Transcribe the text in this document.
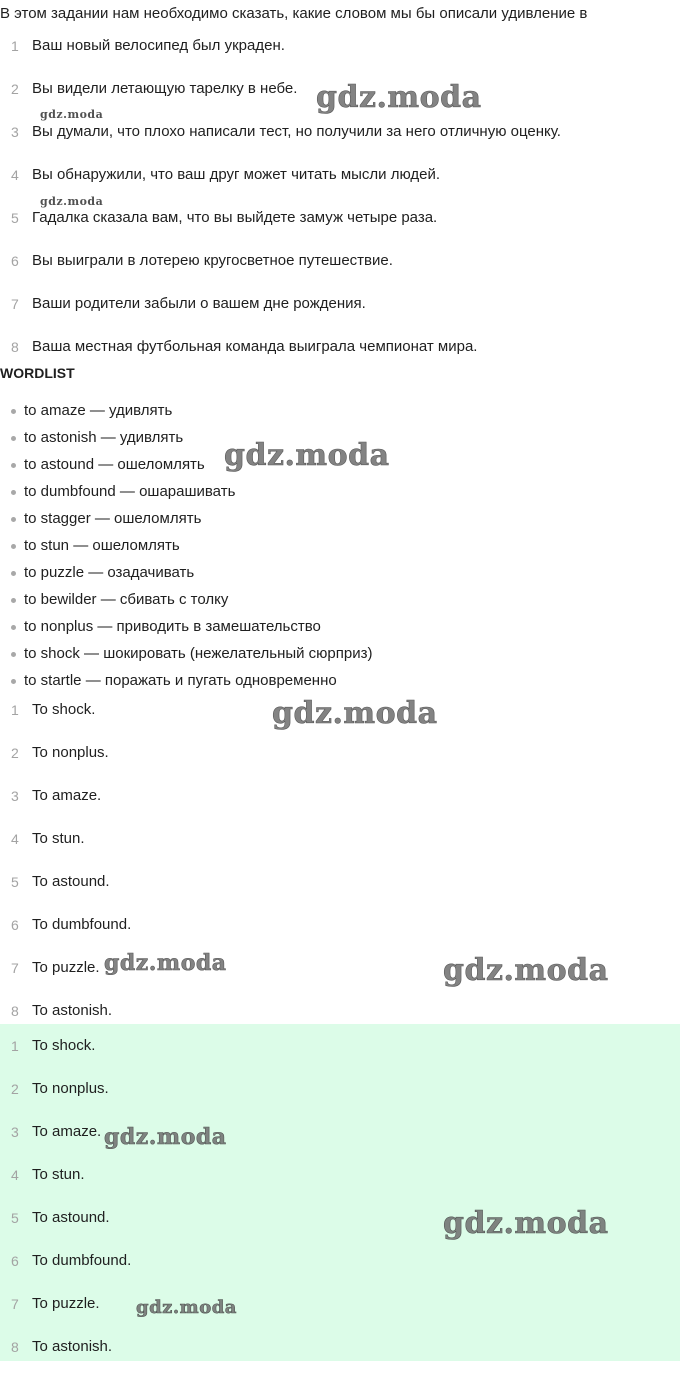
В этом задании нам необходимо сказать, какие словом мы бы описали удивление в
1 Ваш новый велосипед был украден.
2 Вы видели летающую тарелку в небе.
3 Вы думали, что плохо написали тест, но получили за него отличную оценку.
4 Вы обнаружили, что ваш друг может читать мысли людей.
5 Гадалка сказала вам, что вы выйдете замуж четыре раза.
6 Вы выиграли в лотерею кругосветное путешествие.
7 Ваши родители забыли о вашем дне рождения.
8 Ваша местная футбольная команда выиграла чемпионат мира.
WORDLIST
to amaze — удивлять
to astonish — удивлять
to astound — ошеломлять
to dumbfound — ошарашивать
to stagger — ошеломлять
to stun — ошеломлять
to puzzle — озадачивать
to bewilder — сбивать с толку
to nonplus — приводить в замешательство
to shock — шокировать (нежелательный сюрприз)
to startle — поражать и пугать одновременно
1 To shock.
2 To nonplus.
3 To amaze.
4 To stun.
5 To astound.
6 To dumbfound.
7 To puzzle.
8 To astonish.
1 To shock.
2 To nonplus.
3 To amaze.
4 To stun.
5 To astound.
6 To dumbfound.
7 To puzzle.
8 To astonish.
gdz.moda
gdz.moda
gdz.moda
gdz.moda
gdz.moda
gdz.moda	gdz.moda
gdz.moda
gdz.moda
gdz.moda
